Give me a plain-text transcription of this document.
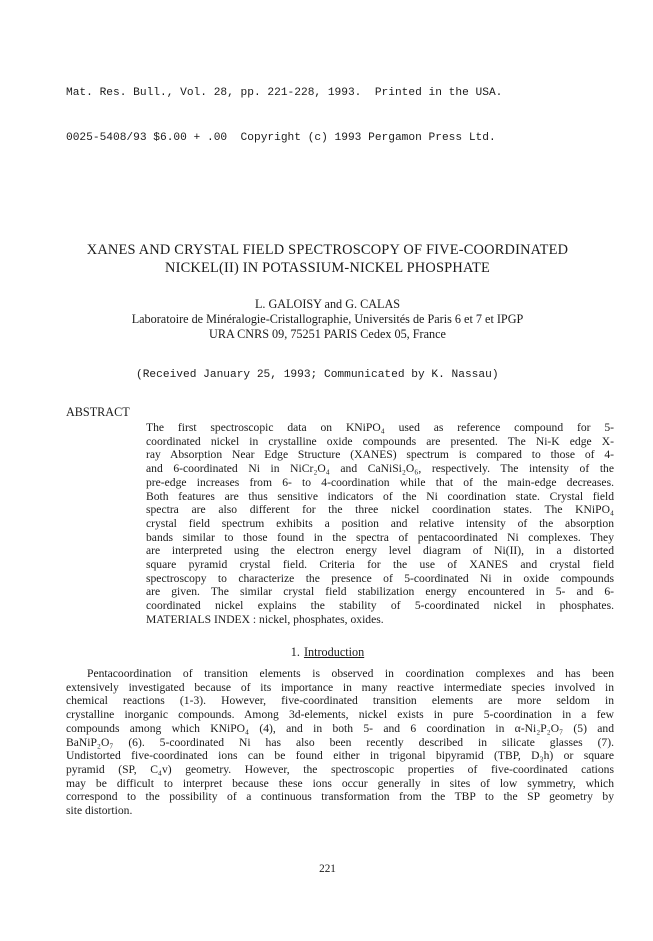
Mat. Res. Bull., Vol. 28, pp. 221-228, 1993.  Printed in the USA.

0025-5408/93 $6.00 + .00  Copyright (c) 1993 Pergamon Press Ltd.

XANES AND CRYSTAL FIELD SPECTROSCOPY OF FIVE-COORDINATED
NICKEL(II) IN POTASSIUM-NICKEL PHOSPHATE
L. GALOISY and G. CALAS
Laboratoire de Minéralogie-Cristallographie, Universités de Paris 6 et 7 et IPGP
URA CNRS 09, 75251 PARIS Cedex 05, France
(Received January 25, 1993; Communicated by K. Nassau)
ABSTRACT
The first spectroscopic data on KNiPO₄ used as reference compound for 5-
coordinated nickel in crystalline oxide compounds are presented. The Ni-K edge X-
ray Absorption Near Edge Structure (XANES) spectrum is compared to those of 4-
and 6-coordinated Ni in NiCr₂O₄ and CaNiSi₂O₆, respectively. The intensity of the
pre-edge increases from 6- to 4-coordination while that of the main-edge decreases.
Both features are thus sensitive indicators of the Ni coordination state. Crystal field
spectra are also different for the three nickel coordination states. The KNiPO₄
crystal field spectrum exhibits a position and relative intensity of the absorption
bands similar to those found in the spectra of pentacoordinated Ni complexes. They
are interpreted using the electron energy level diagram of Ni(II), in a distorted
square pyramid crystal field. Criteria for the use of XANES and crystal field
spectroscopy to characterize the presence of 5-coordinated Ni in oxide compounds
are given. The similar crystal field stabilization energy encountered in 5- and 6-
coordinated nickel explains the stability of 5-coordinated nickel in phosphates.
MATERIALS INDEX : nickel, phosphates, oxides.
1. Introduction
Pentacoordination of transition elements is observed in coordination complexes and has been
extensively investigated because of its importance in many reactive intermediate species involved in
chemical reactions (1-3). However, five-coordinated transition elements are more seldom in
crystalline inorganic compounds. Among 3d-elements, nickel exists in pure 5-coordination in a few
compounds among which KNiPO₄ (4), and in both 5- and 6 coordination in α-Ni₂P₂O₇ (5) and
BaNiP₂O₇ (6). 5-coordinated Ni has also been recently described in silicate glasses (7).
Undistorted five-coordinated ions can be found either in trigonal bipyramid (TBP, D₃h) or square
pyramid (SP, C₄v) geometry. However, the spectroscopic properties of five-coordinated cations
may be difficult to interpret because these ions occur generally in sites of low symmetry, which
correspond to the possibility of a continuous transformation from the TBP to the SP geometry by
site distortion.
221
